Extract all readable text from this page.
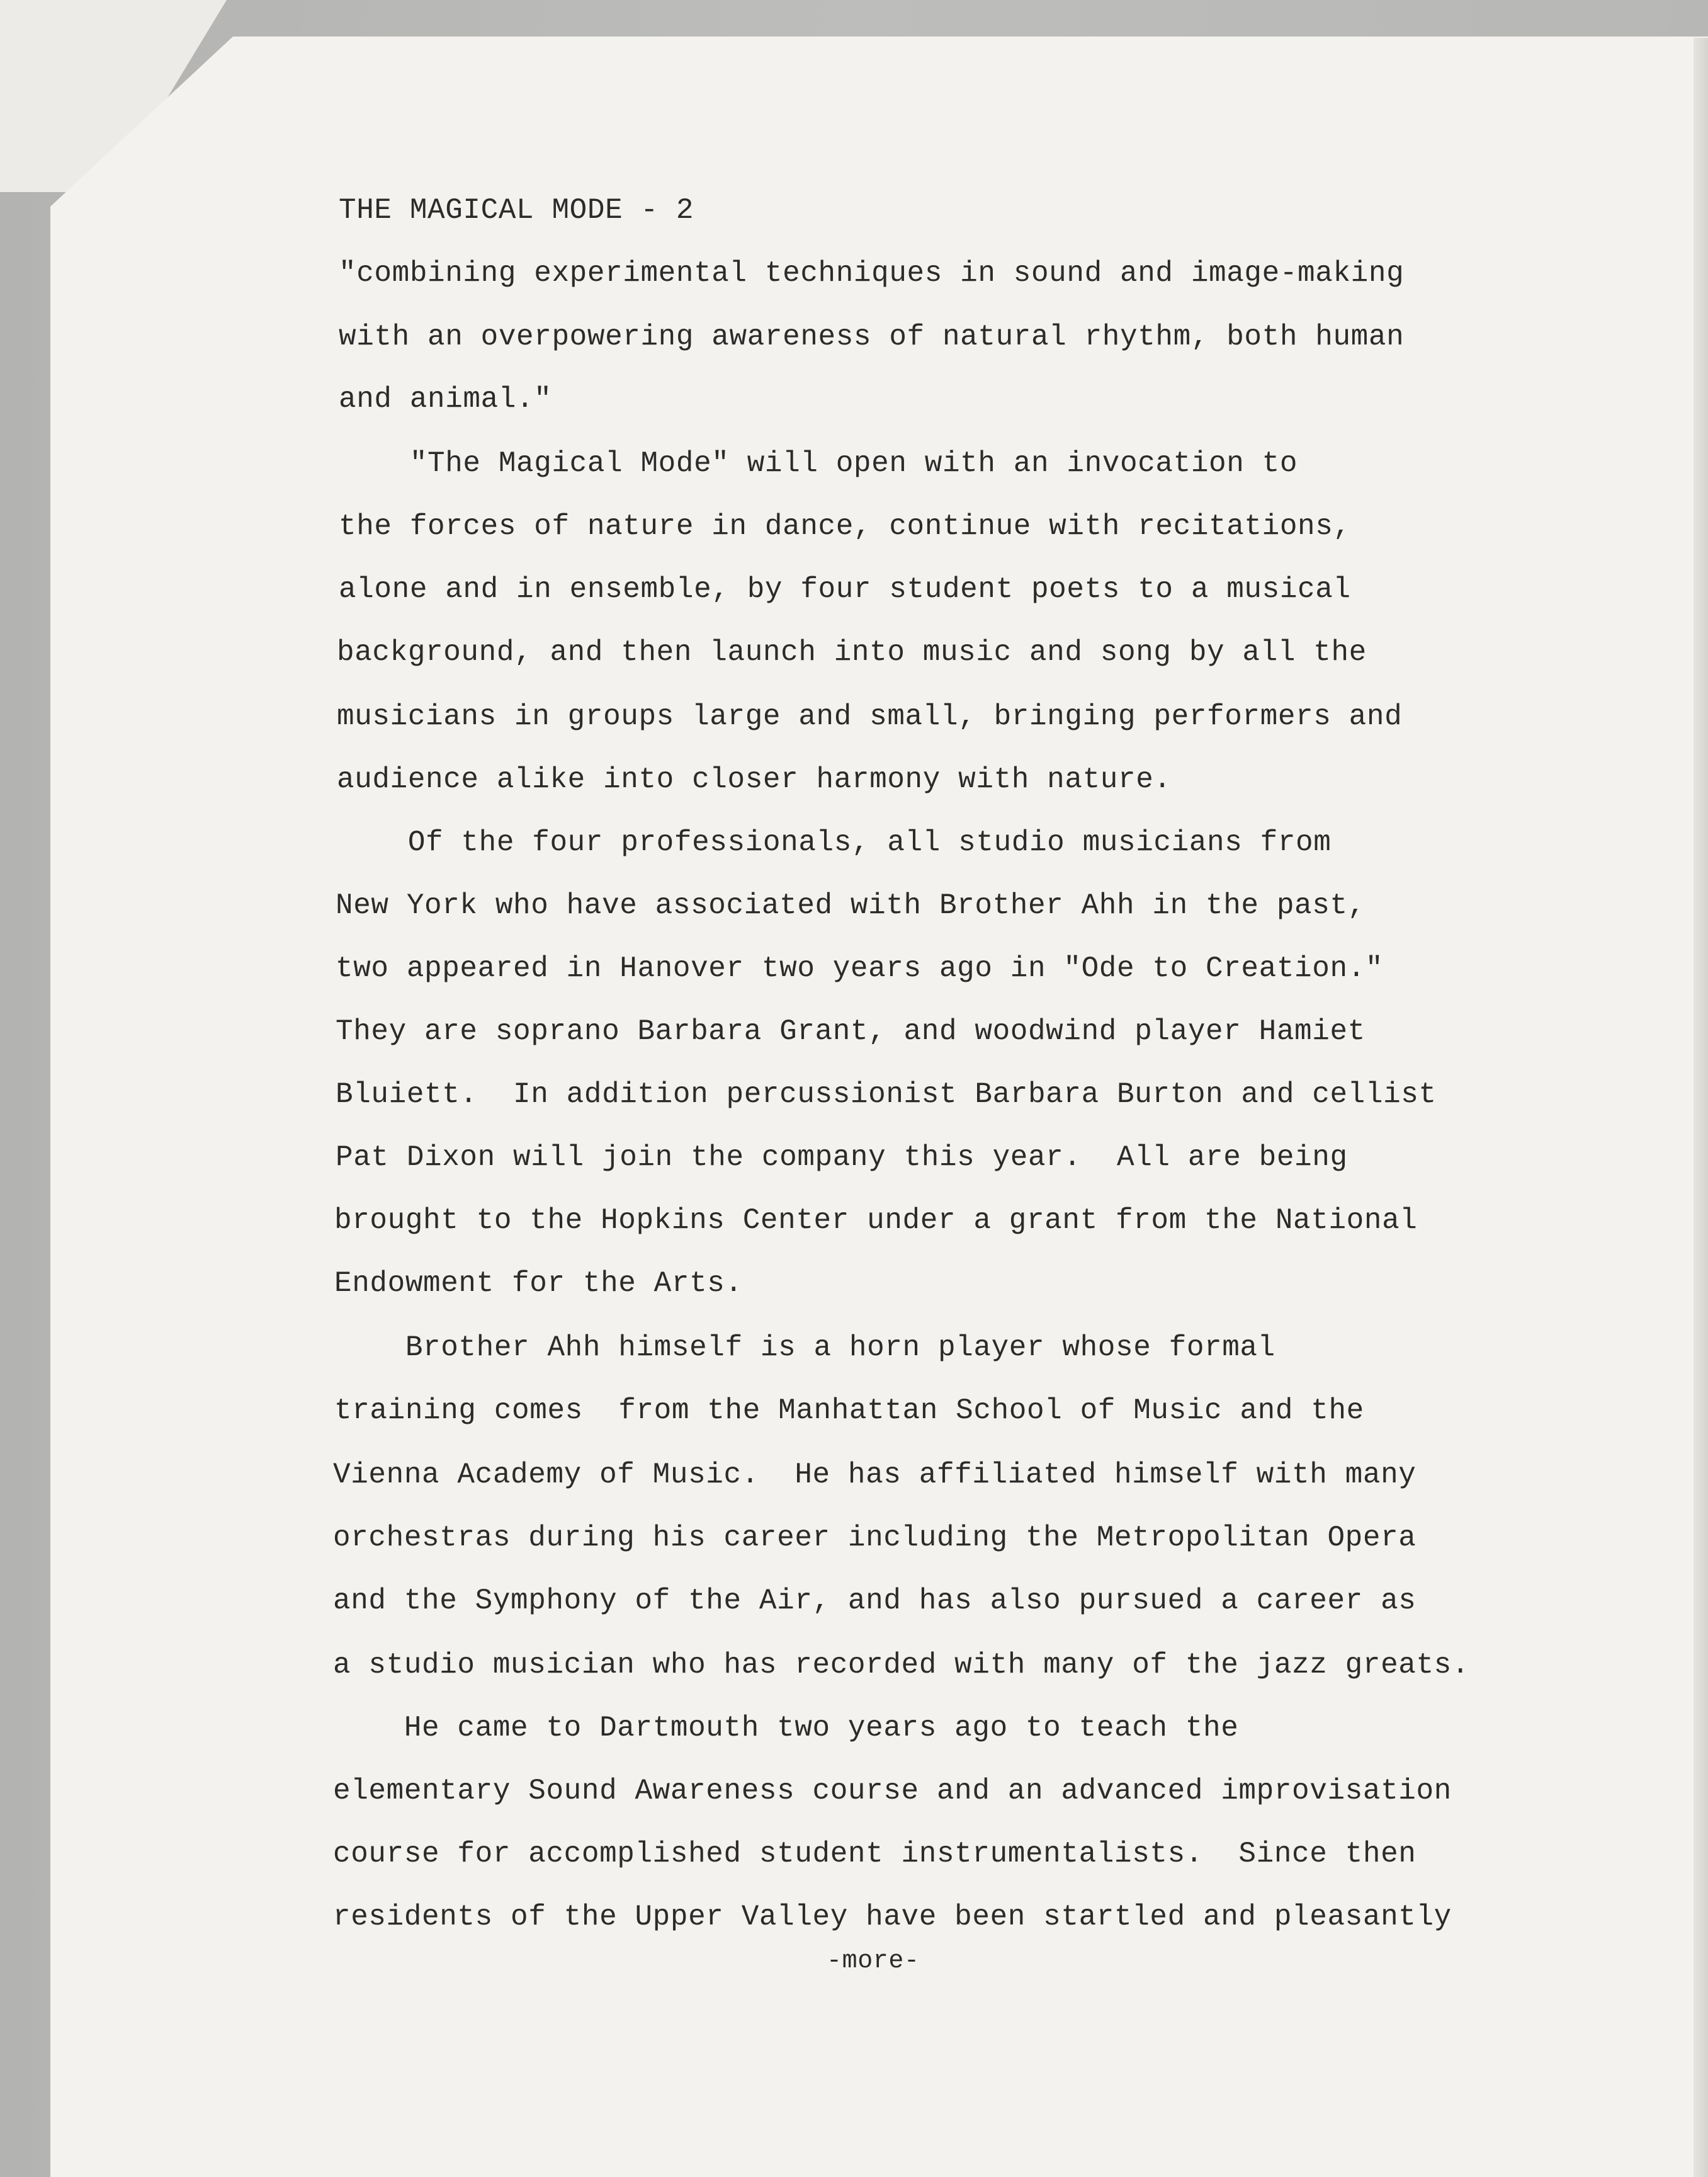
THE MAGICAL MODE - 2
"combining experimental techniques in sound and image-making
with an overpowering awareness of natural rhythm, both human
and animal."
"The Magical Mode" will open with an invocation to
the forces of nature in dance, continue with recitations,
alone and in ensemble, by four student poets to a musical
background, and then launch into music and song by all the
musicians in groups large and small, bringing performers and
audience alike into closer harmony with nature.
Of the four professionals, all studio musicians from
New York who have associated with Brother Ahh in the past,
two appeared in Hanover two years ago in "Ode to Creation."
They are soprano Barbara Grant, and woodwind player Hamiet
Bluiett.  In addition percussionist Barbara Burton and cellist
Pat Dixon will join the company this year.  All are being
brought to the Hopkins Center under a grant from the National
Endowment for the Arts.
Brother Ahh himself is a horn player whose formal
training comes  from the Manhattan School of Music and the
Vienna Academy of Music.  He has affiliated himself with many
orchestras during his career including the Metropolitan Opera
and the Symphony of the Air, and has also pursued a career as
a studio musician who has recorded with many of the jazz greats.
He came to Dartmouth two years ago to teach the
elementary Sound Awareness course and an advanced improvisation
course for accomplished student instrumentalists.  Since then
residents of the Upper Valley have been startled and pleasantly
-more-
